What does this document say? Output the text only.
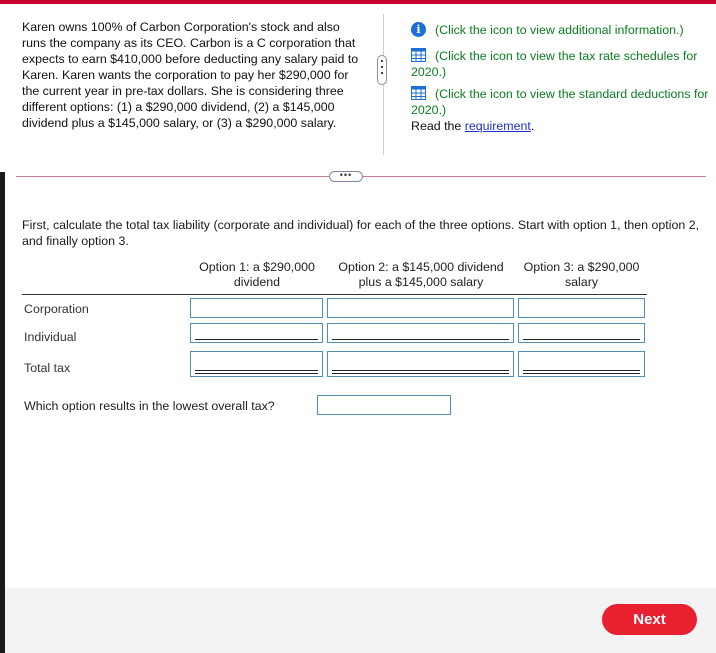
Karen owns 100% of Carbon Corporation's stock and also runs the company as its CEO. Carbon is a C corporation that expects to earn $410,000 before deducting any salary paid to Karen. Karen wants the corporation to pay her $290,000 for the current year in pre-tax dollars. She is considering three different options: (1) a $290,000 dividend, (2) a $145,000 dividend plus a $145,000 salary, or (3) a $290,000 salary.
i	(Click the icon to view additional information.)
(Click the icon to view the tax rate schedules for 2020.)
(Click the icon to view the standard deductions for 2020.)
Read the requirement.
•••
First, calculate the total tax liability (corporate and individual) for each of the three options. Start with option 1, then option 2, and finally option 3.
Option 1: a $290,000
dividend
Option 2: a $145,000 dividend
plus a $145,000 salary
Option 3: a $290,000
salary
Corporation
Individual
Total tax
Which option results in the lowest overall tax?
Next
